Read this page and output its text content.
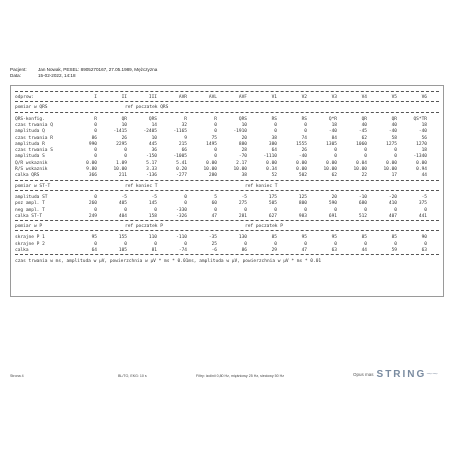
Pacjent:	Jan Nowak, PESEL: 8905270167, 27.05.1989, Mężczyzna
Data:	15-02-2022, 14:18
odprow:	I	II	III	AVR	AVL	AVF	V1	V2	V3	V4	V5	V6
pomiar w QRS	ref poczatek QRS
QRS-konfig.	R	QR	QRS	R	R	QRS	RS	RS	Q*R	QR	QR	QS*TR
czas trwania Q	0	10	14	32	0	10	0	0	18	40	40	18
amplituda Q	0	-1415	-2405	-1165	0	-1910	0	0	-40	-45	-40	-40
czas trwania R	86	26	10	9	75	20	38	74	84	62	58	56
amplituda R	990	2295	445	215	1495	880	380	1555	1305	1060	1275	1270
czas trwania S	0	0	36	66	0	28	64	26	0	0	0	18
amplituda S	0	0	-150	-1005	0	-70	-1110	-40	0	0	0	-1340
Q/R wskaznik	0.00	1.09	5.17	5.41	0.00	2.17	0.00	0.00	0.00	0.04	0.00	0.00
R/S wskaznik	9.80	10.00	3.33	0.20	10.00	10.00	0.34	0.00	10.00	10.00	10.00	0.94
calka QRS	366	211	-136	-277	280	38	52	502	62	22	17	44
pomiar w ST-T	ref koniec T	ref koniec T
amplituda ST	0	-5	-5	0	5	-5	175	125	20	-10	-20	-5
poz ampl. T	260	405	145	0	60	275	505	800	590	680	410	375
neg ampl. T	0	0	0	-330	0	0	0	0	0	0	0	0
calka ST-T	249	404	158	-326	47	281	627	983	691	512	407	441
pomiar w P	ref poczatek P	ref poczatek P
skrajne P 1	95	155	110	-110	-35	130	85	95	95	85	85	90
skrajne P 2	0	0	0	0	25	0	0	0	0	0	0	0
calka	64	105	81	-74	-6	86	29	47	63	44	59	63
czas trwania w ms, amplituda w µV, powierzchnia w µV * ms * 0.01ms, amplituda w µV, powierzchnia w µV * ms * 0.01
Strona 4	BL/TO, EKG: 10 s	Filtry: izolinii 0,80 Hz, mięśniowy 25 Hz, sieciowy 50 Hz	Opus mas STRING~~
